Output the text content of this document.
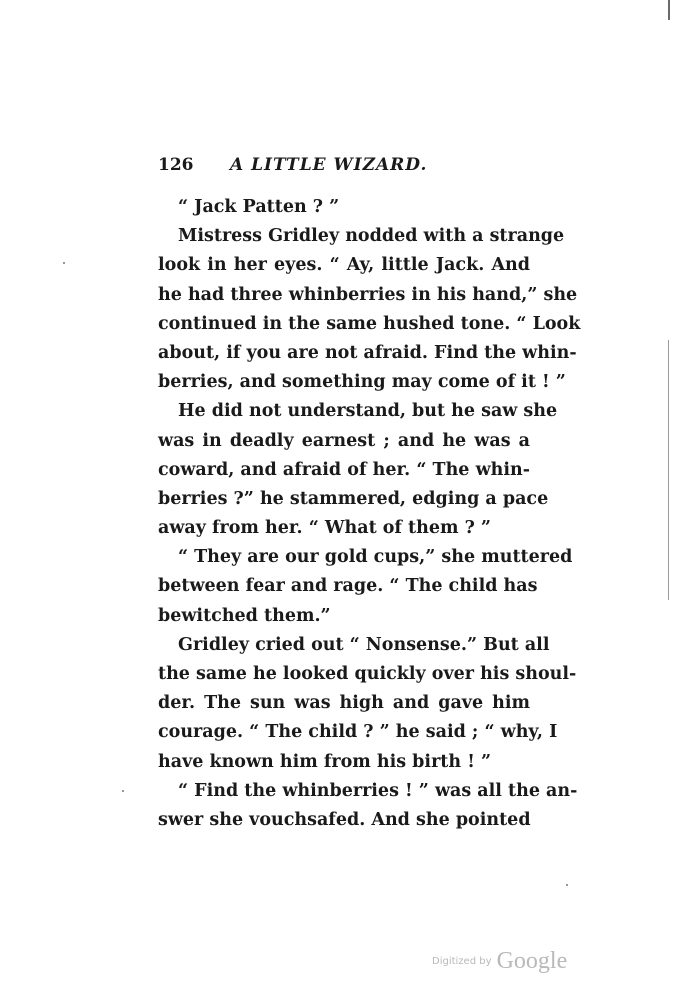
126 A LITTLE WIZARD.
“ Jack Patten ? ”
Mistress Gridley nodded with a strange
look in her eyes. “ Ay, little Jack. And
he had three whinberries in his hand,” she
continued in the same hushed tone. “ Look
about, if you are not afraid. Find the whin-
berries, and something may come of it ! ”
He did not understand, but he saw she
was in deadly earnest ; and he was a
coward, and afraid of her. “ The whin-
berries ?” he stammered, edging a pace
away from her. “ What of them ? ”
“ They are our gold cups,” she muttered
between fear and rage. “ The child has
bewitched them.”
Gridley cried out “ Nonsense.” But all
the same he looked quickly over his shoul-
der. The sun was high and gave him
courage. “ The child ? ” he said ; “ why, I
have known him from his birth ! ”
“ Find the whinberries ! ” was all the an-
swer she vouchsafed. And she pointed
Digitized by Google
